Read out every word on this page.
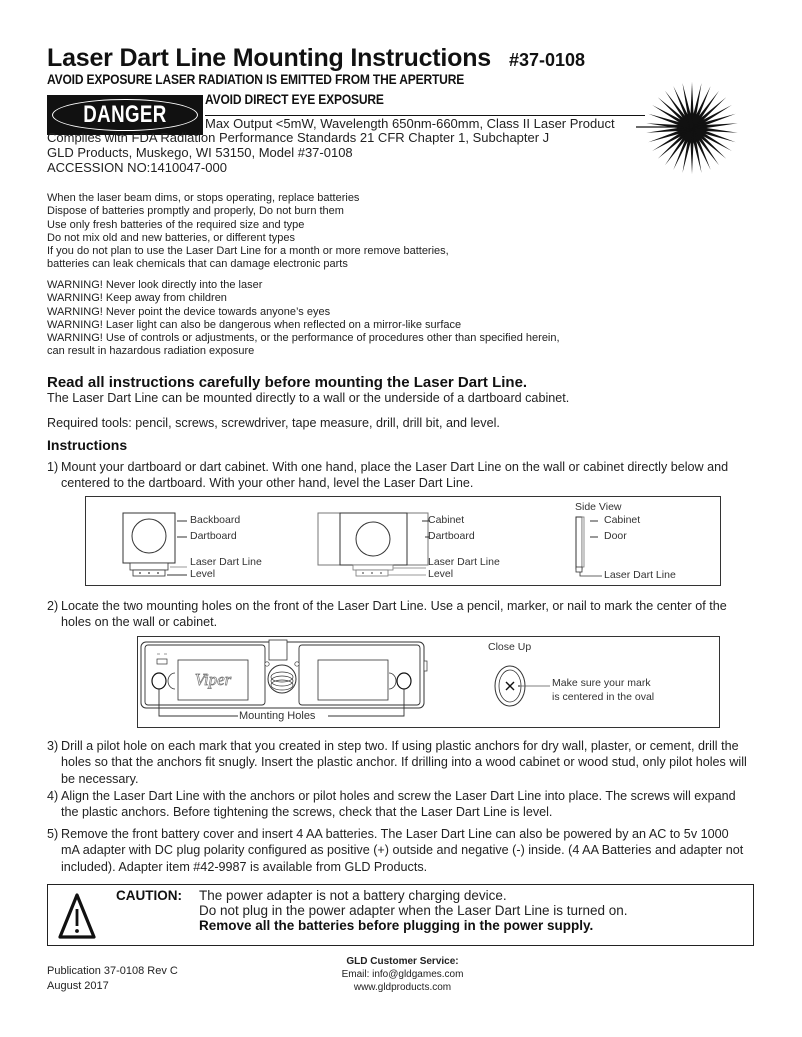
Laser Dart Line Mounting Instructions #37-0108
AVOID EXPOSURE LASER RADIATION IS EMITTED FROM THE APERTURE
AVOID DIRECT EYE EXPOSURE
DANGER	Max Output <5mW, Wavelength 650nm-660mm, Class II Laser Product
Complies with FDA Radiation Performance Standards 21 CFR Chapter 1, Subchapter J
GLD Products, Muskego, WI 53150, Model #37-0108
ACCESSION NO:1410047-000
When the laser beam dims, or stops operating, replace batteries
Dispose of batteries promptly and properly, Do not burn them
Use only fresh batteries of the required size and type
Do not mix old and new batteries, or different types
If you do not plan to use the Laser Dart Line for a month or more remove batteries,
batteries can leak chemicals that can damage electronic parts
WARNING! Never look directly into the laser
WARNING! Keep away from children
WARNING! Never point the device towards anyone’s eyes
WARNING! Laser light can also be dangerous when reflected on a mirror-like surface
WARNING! Use of controls or adjustments, or the performance of procedures other than specified herein,
can result in hazardous radiation exposure
Read all instructions carefully before mounting the Laser Dart Line.
The Laser Dart Line can be mounted directly to a wall or the underside of a dartboard cabinet.
Required tools: pencil, screws, screwdriver, tape measure, drill, drill bit, and level.
Instructions
1) Mount your dartboard or dart cabinet. With one hand, place the Laser Dart Line on the wall or cabinet directly below and centered to the dartboard. With your other hand, level the Laser Dart Line.
Backboard
Dartboard
Laser Dart Line
Level
Cabinet
Dartboard
Laser Dart Line
Level
Side View
Cabinet
Door
Laser Dart Line
2) Locate the two mounting holes on the front of the Laser Dart Line. Use a pencil, marker, or nail to mark the center of the holes on the wall or cabinet.
Viper
Mounting Holes
Close Up
Make sure your mark
is centered in the oval
3) Drill a pilot hole on each mark that you created in step two. If using plastic anchors for dry wall, plaster, or cement, drill the holes so that the anchors fit snugly. Insert the plastic anchor. If drilling into a wood cabinet or wood stud, only pilot holes will be necessary.
4) Align the Laser Dart Line with the anchors or pilot holes and screw the Laser Dart Line into place. The screws will expand the plastic anchors. Before tightening the screws, check that the Laser Dart Line is level.
5) Remove the front battery cover and insert 4 AA batteries. The Laser Dart Line can also be powered by an AC to 5v 1000 mA adapter with DC plug polarity configured as positive (+) outside and negative (-) inside. (4 AA Batteries and adapter not included). Adapter item #42-9987 is available from GLD Products.
CAUTION: The power adapter is not a battery charging device.
Do not plug in the power adapter when the Laser Dart Line is turned on.
Remove all the batteries before plugging in the power supply.
Publication 37-0108 Rev C
August 2017
GLD Customer Service:
Email: info@gldgames.com
www.gldproducts.com
